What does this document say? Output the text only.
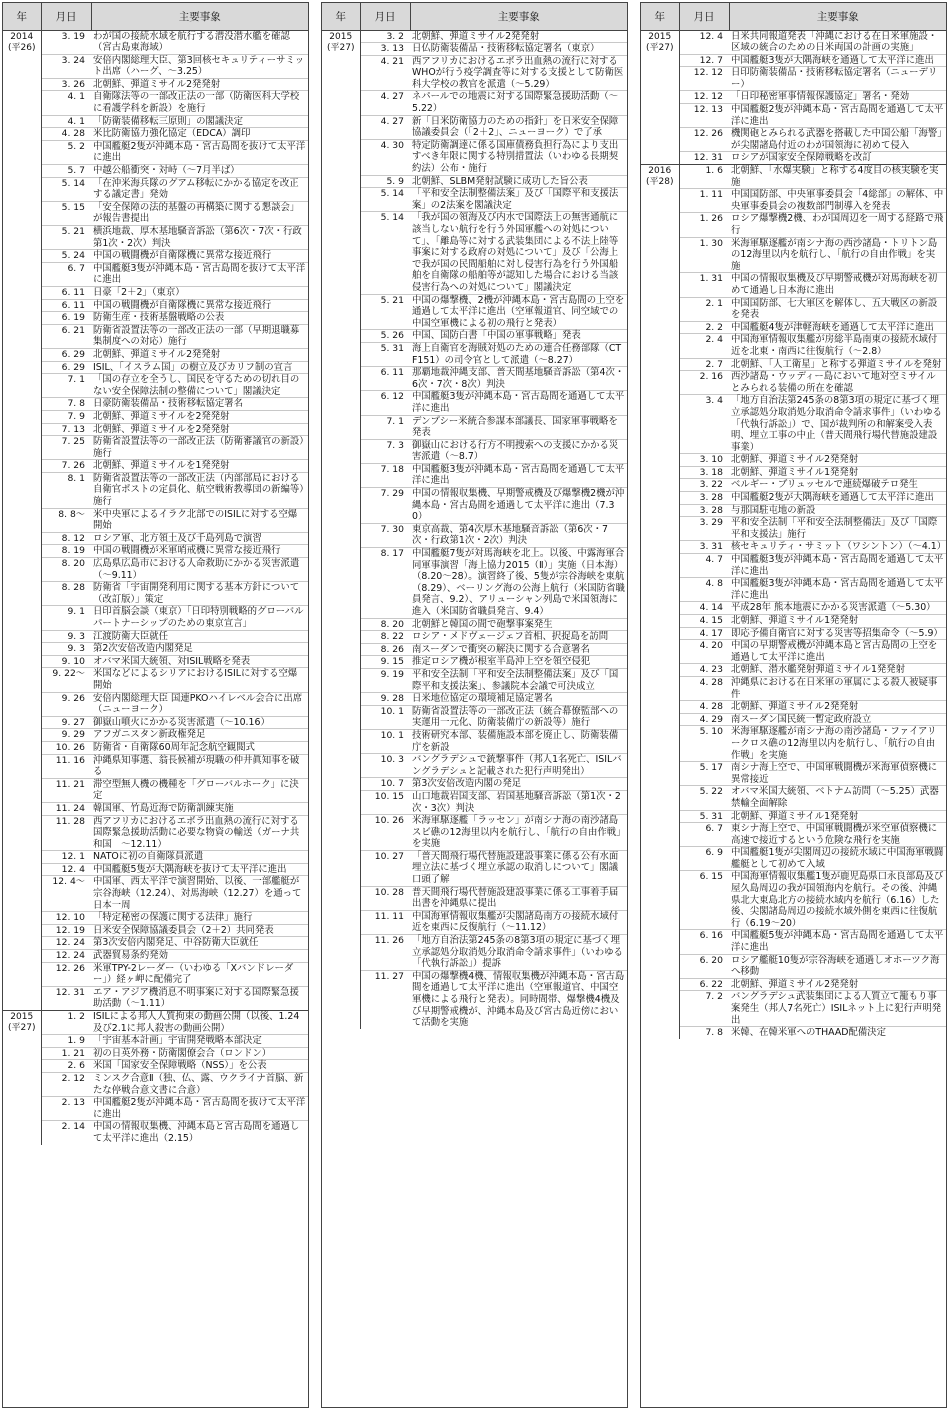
年	月日	主要事象

2014
(平26)	3. 19	わが国の接続水域を航行する潜没潜水艦を確認（宮古島東海域）
	3. 24	安倍内閣総理大臣、第3回核セキュリティーサミット出席（ハーグ、～3.25）
	3. 26	北朝鮮、弾道ミサイル2発発射
	4. 1	自衛隊法等の一部改正法の一部（防衛医科大学校に看護学科を新設）を施行
	4. 1	「防衛装備移転三原則」の閣議決定
	4. 28	米比防衛協力強化協定（EDCA）調印
	5. 2	中国艦艇2隻が沖縄本島・宮古島間を抜けて太平洋に進出
	5. 7	中越公船衝突・対峙（～7月半ば）
	5. 14	「在沖米海兵隊のグアム移転にかかる協定を改正する議定書」発効
	5. 15	「安全保障の法的基盤の再構築に関する懇談会」が報告書提出
	5. 21	横浜地裁、厚木基地騒音訴訟（第6次・7次・行政第1次・2次）判決
	5. 24	中国の戦闘機が自衛隊機に異常な接近飛行
	6. 7	中国艦艇3隻が沖縄本島・宮古島間を抜けて太平洋に進出
	6. 11	日豪「2＋2」（東京）
	6. 11	中国の戦闘機が自衛隊機に異常な接近飛行
	6. 19	防衛生産・技術基盤戦略の公表
	6. 21	防衛省設置法等の一部改正法の一部（早期退職募集制度への対応）施行
	6. 29	北朝鮮、弾道ミサイル2発発射
	6. 29	ISIL、「イスラム国」の樹立及びカリフ制の宣言
	7. 1	「国の存立を全うし、国民を守るための切れ目のない安全保障法制の整備について」閣議決定
	7. 8	日豪防衛装備品・技術移転協定署名
	7. 9	北朝鮮、弾道ミサイルを2発発射
	7. 13	北朝鮮、弾道ミサイルを2発発射
	7. 25	防衛省設置法等の一部改正法（防衛審議官の新設）施行
	7. 26	北朝鮮、弾道ミサイルを1発発射
	8. 1	防衛省設置法等の一部改正法（内部部局における自衛官ポストの定員化、航空戦術教導団の新編等）施行
	8. 8～	米中央軍によるイラク北部でのISILに対する空爆開始
	8. 12	ロシア軍、北方領土及び千島列島で演習
	8. 19	中国の戦闘機が米軍哨戒機に異常な接近飛行
	8. 20	広島県広島市における人命救助にかかる災害派遣（～9.11）
	8. 28	防衛省「宇宙開発利用に関する基本方針について（改訂版）」策定
	9. 1	日印首脳会談（東京）「日印特別戦略的グローバルパートナーシップのための東京宣言」
	9. 3	江渡防衛大臣就任
	9. 3	第2次安倍改造内閣発足
	9. 10	オバマ米国大統領、対ISIL戦略を発表
	9. 22～	米国などによるシリアにおけるISILに対する空爆開始
	9. 26	安倍内閣総理大臣 国連PKOハイレベル会合に出席（ニューヨーク）
	9. 27	御嶽山噴火にかかる災害派遣（～10.16）
	9. 29	アフガニスタン新政権発足
	10. 26	防衛省・自衛隊60周年記念航空観閲式
	11. 16	沖縄県知事選、翁長候補が現職の仲井眞知事を破る
	11. 21	滞空型無人機の機種を「グローバルホーク」に決定
	11. 24	韓国軍、竹島近海で防衛訓練実施
	11. 28	西アフリカにおけるエボラ出血熱の流行に対する国際緊急援助活動に必要な物資の輸送（ガーナ共和国　～12.11）
	12. 1	NATOに初の自衛隊員派遣
	12. 4	中国艦艇5隻が大隅海峡を抜けて太平洋に進出
	12. 4～	中国軍、西太平洋で演習開始、以後、一部艦艇が宗谷海峡（12.24）、対馬海峡（12.27）を通って日本一周
	12. 10	「特定秘密の保護に関する法律」施行
	12. 19	日米安全保障協議委員会（2＋2）共同発表
	12. 24	第3次安倍内閣発足、中谷防衛大臣就任
	12. 24	武器貿易条約発効
	12. 26	米軍TPY-2レーダー（いわゆる「Xバンドレーダー」）経ヶ岬に配備完了
	12. 31	エア・アジア機消息不明事案に対する国際緊急援助活動（～1.11）

2015
(平27)	1. 2	ISILによる邦人人質拘束の動画公開（以後、1.24及び2.1に邦人殺害の動画公開）
	1. 9	「宇宙基本計画」宇宙開発戦略本部決定
	1. 21	初の日英外務・防衛閣僚会合（ロンドン）
	2. 6	米国「国家安全保障戦略（NSS）」を公表
	2. 12	ミンスク合意Ⅱ（独、仏、露、ウクライナ首脳、新たな停戦合意文書に合意）
	2. 13	中国艦艇2隻が沖縄本島・宮古島間を抜けて太平洋に進出
	2. 14	中国の情報収集機、沖縄本島と宮古島間を通過して太平洋に進出（2.15）
年	月日	主要事象

2015
(平27)	3. 2	北朝鮮、弾道ミサイル2発発射
	3. 13	日仏防衛装備品・技術移転協定署名（東京）
	4. 21	西アフリカにおけるエボラ出血熱の流行に対するWHOが行う疫学調査等に対する支援として防衛医科大学校の教官を派遣（～5.29）
	4. 27	ネパールでの地震に対する国際緊急援助活動（～5.22）
	4. 27	新「日米防衛協力のための指針」を日米安全保障協議委員会（「2＋2」、ニューヨーク）で了承
	4. 30	特定防衛調達に係る国庫債務負担行為により支出すべき年限に関する特別措置法（いわゆる長期契約法）公布・施行
	5. 9	北朝鮮、SLBM発射試験に成功した旨公表
	5. 14	「平和安全法制整備法案」及び「国際平和支援法案」の2法案を閣議決定
	5. 14	「我が国の領海及び内水で国際法上の無害通航に該当しない航行を行う外国軍艦への対処について」、「離島等に対する武装集団による不法上陸等事案に対する政府の対処について」及び「公海上で我が国の民間船舶に対し侵害行為を行う外国船舶を自衛隊の船舶等が認知した場合における当該侵害行為への対処について」閣議決定
	5. 21	中国の爆撃機、2機が沖縄本島・宮古島間の上空を通過して太平洋に進出（空軍報道官、同空域での中国空軍機による初の飛行と発表）
	5. 26	中国、国防白書「中国の軍事戦略」発表
	5. 31	海上自衛官を海賊対処のための連合任務部隊（CTF151）の司令官として派遣（～8.27）
	6. 11	那覇地裁沖縄支部、普天間基地騒音訴訟（第4次・6次・7次・8次）判決
	6. 12	中国艦艇3隻が沖縄本島・宮古島間を通過して太平洋に進出
	7. 1	デンプシー米統合参謀本部議長、国家軍事戦略を発表
	7. 3	御嶽山における行方不明捜索への支援にかかる災害派遣（～8.7）
	7. 18	中国艦艇3隻が沖縄本島・宮古島間を通過して太平洋に進出
	7. 29	中国の情報収集機、早期警戒機及び爆撃機2機が沖縄本島・宮古島間を通過して太平洋に進出（7.30）
	7. 30	東京高裁、第4次厚木基地騒音訴訟（第6次・7次・行政第1次・2次）判決
	8. 17	中国艦艇7隻が対馬海峡を北上。以後、中露海軍合同軍事演習「海上協力2015（Ⅱ）」実施（日本海）（8.20～28）。演習終了後、5隻が宗谷海峡を東航（8.29）、ベーリング海の公海上航行（米国防省職員発言、9.2）、アリューシャン列島で米国領海に進入（米国防省職員発言、9.4）
	8. 20	北朝鮮と韓国の間で砲撃事案発生
	8. 22	ロシア・メドヴェージェフ首相、択捉島を訪問
	8. 26	南スーダンで衝突の解決に関する合意署名
	9. 15	推定ロシア機が根室半島沖上空を領空侵犯
	9. 19	平和安全法制「平和安全法制整備法案」及び「国際平和支援法案」、参議院本会議で可決成立
	9. 28	日米地位協定の環境補足協定署名
	10. 1	防衛省設置法等の一部改正法（統合幕僚監部への実運用一元化、防衛装備庁の新設等）施行
	10. 1	技術研究本部、装備施設本部を廃止し、防衛装備庁を新設
	10. 3	バングラデシュで銃撃事件（邦人1名死亡、ISILバングラデシュと記載された犯行声明発出）
	10. 7	第3次安倍改造内閣の発足
	10. 15	山口地裁岩国支部、岩国基地騒音訴訟（第1次・2次・3次）判決
	10. 26	米海軍駆逐艦「ラッセン」が南シナ海の南沙諸島スビ礁の12海里以内を航行し、「航行の自由作戦」を実施
	10. 27	「普天間飛行場代替施設建設事業に係る公有水面埋立法に基づく埋立承認の取消しについて」閣議口頭了解
	10. 28	普天間飛行場代替施設建設事業に係る工事着手届出書を沖縄県に提出
	11. 11	中国海軍情報収集艦が尖閣諸島南方の接続水域付近を東西に反復航行（～11.12）
	11. 26	「地方自治法第245条の8第3項の規定に基づく埋立承認処分取消処分取消命令請求事件」（いわゆる「代執行訴訟」）提訴
	11. 27	中国の爆撃機4機、情報収集機が沖縄本島・宮古島間を通過して太平洋に進出（空軍報道官、中国空軍機による飛行と発表）。同時間帯、爆撃機4機及び早期警戒機が、沖縄本島及び宮古島近傍において活動を実施
年	月日	主要事象

2015
(平27)	12. 4	日米共同報道発表「沖縄における在日米軍施設・区域の統合のための日米両国の計画の実施」
	12. 7	中国艦艇3隻が大隅海峡を通過して太平洋に進出
	12. 12	日印防衛装備品・技術移転協定署名（ニューデリー）
	12. 12	「日印秘密軍事情報保護協定」署名・発効
	12. 13	中国艦艇2隻が沖縄本島・宮古島間を通過して太平洋に進出
	12. 26	機関砲とみられる武器を搭載した中国公船「海警」が尖閣諸島付近のわが国領海に初めて侵入
	12. 31	ロシアが国家安全保障戦略を改訂

2016
(平28)	1. 6	北朝鮮、「水爆実験」と称する4度目の核実験を実施
	1. 11	中国国防部、中央軍事委員会「4総部」の解体、中央軍事委員会の複数部門制導入を発表
	1. 26	ロシア爆撃機2機、わが国周辺を一周する経路で飛行
	1. 30	米海軍駆逐艦が南シナ海の西沙諸島・トリトン島の12海里以内を航行し、「航行の自由作戦」を実施
	1. 31	中国の情報収集機及び早期警戒機が対馬海峡を初めて通過し日本海に進出
	2. 1	中国国防部、七大軍区を解体し、五大戦区の新設を発表
	2. 2	中国艦艇4隻が津軽海峡を通過して太平洋に進出
	2. 4	中国海軍情報収集艦が房総半島南東の接続水域付近を北東・南西に往復航行（～2.8）
	2. 7	北朝鮮、「人工衛星」と称する弾道ミサイルを発射
	2. 16	西沙諸島・ウッディー島において地対空ミサイルとみられる装備の所在を確認
	3. 4	「地方自治法第245条の8第3項の規定に基づく埋立承認処分取消処分取消命令請求事件」（いわゆる「代執行訴訟」）で、国が裁判所の和解案受入表明、埋立工事の中止（普天間飛行場代替施設建設事業）
	3. 10	北朝鮮、弾道ミサイル2発発射
	3. 18	北朝鮮、弾道ミサイル1発発射
	3. 22	ベルギー・ブリュッセルで連続爆破テロ発生
	3. 28	中国艦艇2隻が大隅海峡を通過して太平洋に進出
	3. 28	与那国駐屯地の新設
	3. 29	平和安全法制「平和安全法制整備法」及び「国際平和支援法」施行
	3. 31	核セキュリティ・サミット（ワシントン）（～4.1）
	4. 7	中国艦艇3隻が沖縄本島・宮古島間を通過して太平洋に進出
	4. 8	中国艦艇3隻が沖縄本島・宮古島間を通過して太平洋に進出
	4. 14	平成28年 熊本地震にかかる災害派遣（～5.30）
	4. 15	北朝鮮、弾道ミサイル1発発射
	4. 17	即応予備自衛官に対する災害等招集命令（～5.9）
	4. 20	中国の早期警戒機が沖縄本島と宮古島間の上空を通過して太平洋に進出
	4. 23	北朝鮮、潜水艦発射弾道ミサイル1発発射
	4. 28	沖縄県における在日米軍の軍属による殺人被疑事件
	4. 28	北朝鮮、弾道ミサイル2発発射
	4. 29	南スーダン国民統一暫定政府設立
	5. 10	米海軍駆逐艦が南シナ海の南沙諸島・ファイアリークロス礁の12海里以内を航行し、「航行の自由作戦」を実施
	5. 17	南シナ海上空で、中国軍戦闘機が米海軍偵察機に異常接近
	5. 22	オバマ米国大統領、ベトナム訪問（～5.25）武器禁輸全面解除
	5. 31	北朝鮮、弾道ミサイル1発発射
	6. 7	東シナ海上空で、中国軍戦闘機が米空軍偵察機に高速で接近するという危険な飛行を実施
	6. 9	中国艦艇1隻が尖閣周辺の接続水域に中国海軍戦闘艦艇として初めて入域
	6. 15	中国海軍情報収集艦1隻が鹿児島県口永良部島及び屋久島周辺の我が国領海内を航行。その後、沖縄県北大東島北方の接続水域内を航行（6.16）した後、尖閣諸島周辺の接続水域外側を東西に往復航行（6.19～20）
	6. 16	中国艦艇5隻が沖縄本島・宮古島間を通過して太平洋に進出
	6. 20	ロシア艦艇10隻が宗谷海峡を通過しオホーツク海へ移動
	6. 22	北朝鮮、弾道ミサイル2発発射
	7. 2	バングラデシュ武装集団による人質立て籠もり事案発生（邦人7名死亡）ISILネット上に犯行声明発出
	7. 8	米韓、在韓米軍へのTHAAD配備決定
